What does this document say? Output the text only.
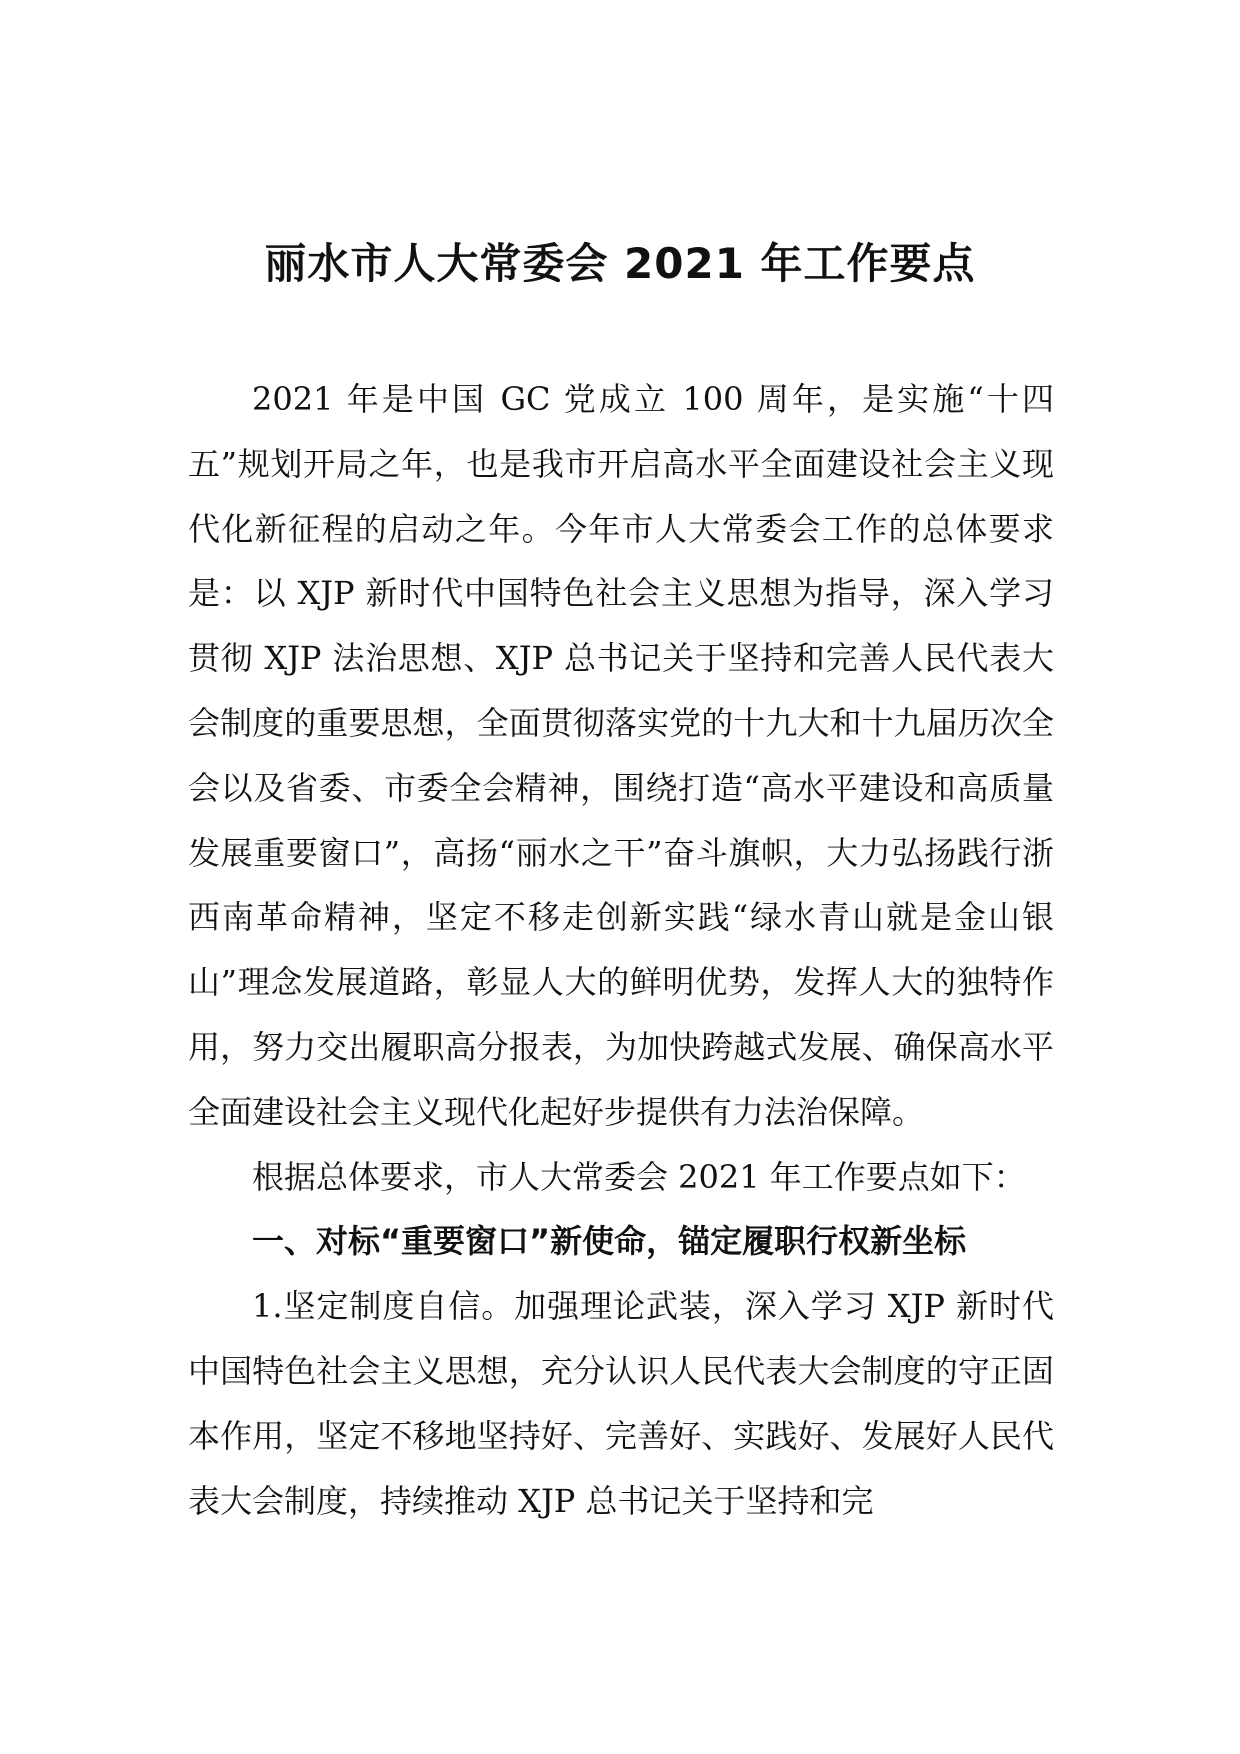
丽水市人大常委会 2021 年工作要点

2021 年是中国 GC 党成立 100 周年，是实施“十四五”规划开局之年，也是我市开启高水平全面建设社会主义现代化新征程的启动之年。今年市人大常委会工作的总体要求是：以 XJP 新时代中国特色社会主义思想为指导，深入学习贯彻 XJP 法治思想、XJP 总书记关于坚持和完善人民代表大会制度的重要思想，全面贯彻落实党的十九大和十九届历次全会以及省委、市委全会精神，围绕打造“高水平建设和高质量发展重要窗口”，高扬“丽水之干”奋斗旗帜，大力弘扬践行浙西南革命精神，坚定不移走创新实践“绿水青山就是金山银山”理念发展道路，彰显人大的鲜明优势，发挥人大的独特作用，努力交出履职高分报表，为加快跨越式发展、确保高水平全面建设社会主义现代化起好步提供有力法治保障。

根据总体要求，市人大常委会 2021 年工作要点如下：

一、对标“重要窗口”新使命，锚定履职行权新坐标

1.坚定制度自信。加强理论武装，深入学习 XJP 新时代中国特色社会主义思想，充分认识人民代表大会制度的守正固本作用，坚定不移地坚持好、完善好、实践好、发展好人民代表大会制度，持续推动 XJP 总书记关于坚持和完
